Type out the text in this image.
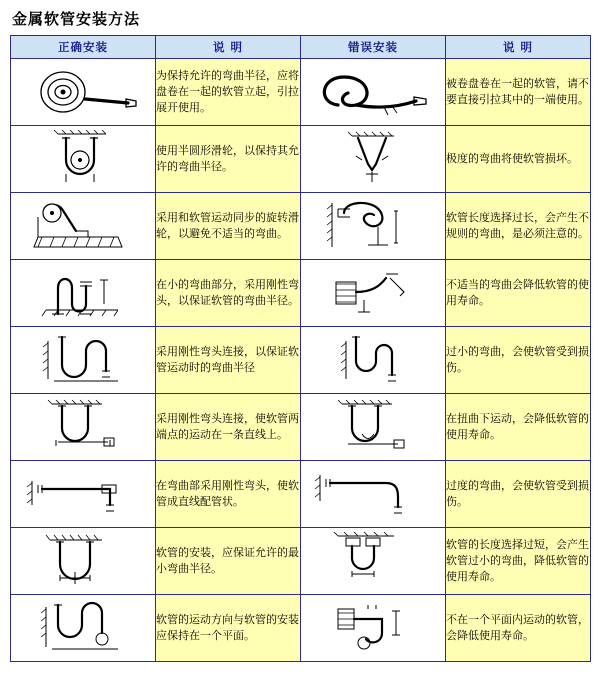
金属软管安装方法
正确安装	说 明	错误安装	说 明

	为保持允许的弯曲半径，应将盘卷在一起的软管立起，引拉展开使用。		被卷盘卷在一起的软管，请不要直接引拉其中的一端使用。

	使用半圆形滑轮，以保持其允许的弯曲半径。		极度的弯曲将使软管损坏。

	采用和软管运动同步的旋转滑轮，以避免不适当的弯曲。		软管长度选择过长，会产生不规则的弯曲，是必须注意的。

	在小的弯曲部分，采用刚性弯头，以保证软管的弯曲半径。		不适当的弯曲会降低软管的使用寿命。

	采用刚性弯头连接，以保证软管运动时的弯曲半径		过小的弯曲，会使软管受到损伤。

	采用刚性弯头连接，使软管两端点的运动在一条直线上。		在扭曲下运动，会降低软管的使用寿命。

	在弯曲部采用刚性弯头，使软管成直线配管状。		过度的弯曲，会使软管受到损伤。

	软管的安装，应保证允许的最小弯曲半径。		软管的长度选择过短，会产生软管过小的弯曲，降低软管的使用寿命。

	软管的运动方向与软管的安装应保持在一个平面。		不在一个平面内运动的软管，会降低使用寿命。
